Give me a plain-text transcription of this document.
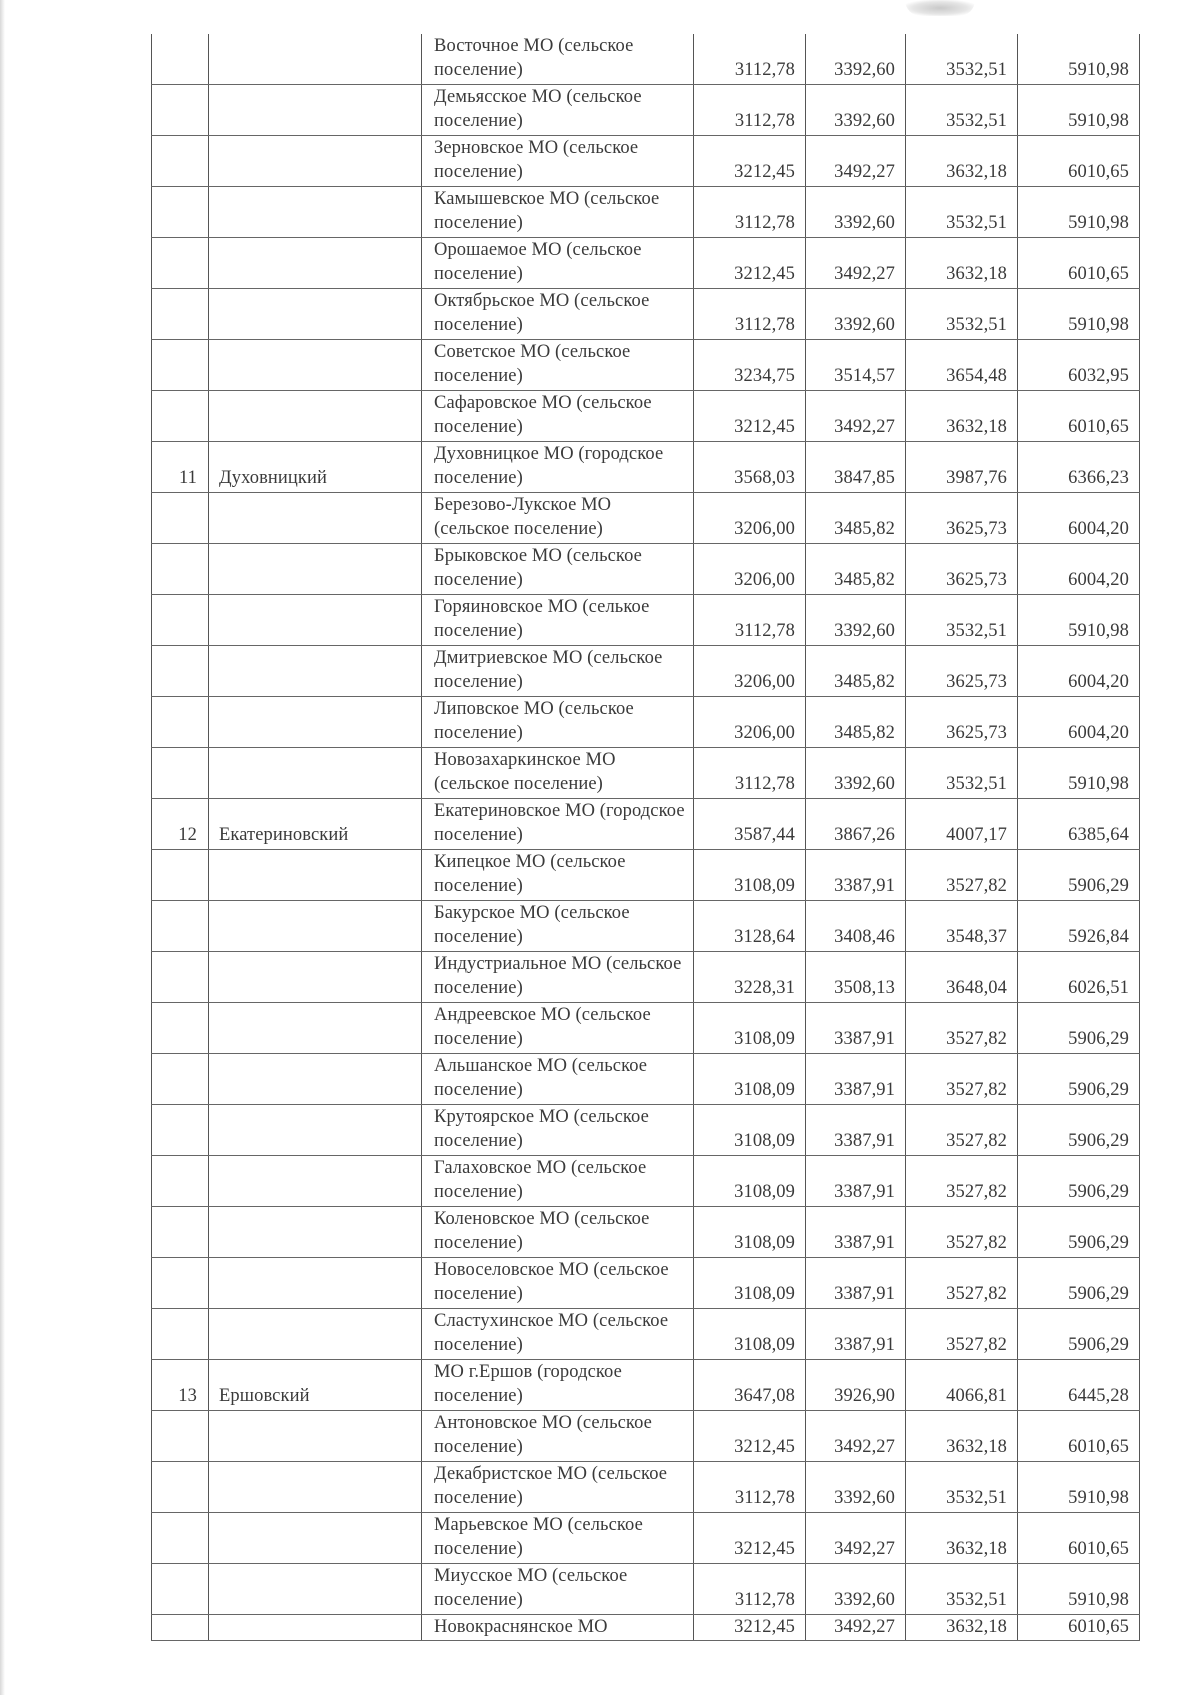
		Восточное МО (сельское поселение)	3112,78	3392,60	3532,51	5910,98
		Демьясское МО (сельское поселение)	3112,78	3392,60	3532,51	5910,98
		Зерновское МО (сельское поселение)	3212,45	3492,27	3632,18	6010,65
		Камышевское МО (сельское поселение)	3112,78	3392,60	3532,51	5910,98
		Орошаемое МО (сельское поселение)	3212,45	3492,27	3632,18	6010,65
		Октябрьское МО (сельское поселение)	3112,78	3392,60	3532,51	5910,98
		Советское МО (сельское поселение)	3234,75	3514,57	3654,48	6032,95
		Сафаровское МО (сельское поселение)	3212,45	3492,27	3632,18	6010,65
11	Духовницкий	Духовницкое МО (городское поселение)	3568,03	3847,85	3987,76	6366,23
		Березово-Лукское МО (сельское поселение)	3206,00	3485,82	3625,73	6004,20
		Брыковское МО (сельское поселение)	3206,00	3485,82	3625,73	6004,20
		Горяиновское МО (селькое поселение)	3112,78	3392,60	3532,51	5910,98
		Дмитриевское МО (сельское поселение)	3206,00	3485,82	3625,73	6004,20
		Липовское МО (сельское поселение)	3206,00	3485,82	3625,73	6004,20
		Новозахаркинское МО (сельское поселение)	3112,78	3392,60	3532,51	5910,98
12	Екатериновский	Екатериновское МО (городское поселение)	3587,44	3867,26	4007,17	6385,64
		Кипецкое МО (сельское поселение)	3108,09	3387,91	3527,82	5906,29
		Бакурское МО (сельское поселение)	3128,64	3408,46	3548,37	5926,84
		Индустриальное МО (сельское поселение)	3228,31	3508,13	3648,04	6026,51
		Андреевское МО (сельское поселение)	3108,09	3387,91	3527,82	5906,29
		Альшанское МО (сельское поселение)	3108,09	3387,91	3527,82	5906,29
		Крутоярское МО (сельское поселение)	3108,09	3387,91	3527,82	5906,29
		Галаховское МО (сельское поселение)	3108,09	3387,91	3527,82	5906,29
		Коленовское МО (сельское поселение)	3108,09	3387,91	3527,82	5906,29
		Новоселовское МО (сельское поселение)	3108,09	3387,91	3527,82	5906,29
		Сластухинское МО (сельское поселение)	3108,09	3387,91	3527,82	5906,29
13	Ершовский	МО г.Ершов (городское поселение)	3647,08	3926,90	4066,81	6445,28
		Антоновское МО (сельское поселение)	3212,45	3492,27	3632,18	6010,65
		Декабристское МО (сельское поселение)	3112,78	3392,60	3532,51	5910,98
		Марьевское МО (сельское поселение)	3212,45	3492,27	3632,18	6010,65
		Миусское МО (сельское поселение)	3112,78	3392,60	3532,51	5910,98
		Новокраснянское МО	3212,45	3492,27	3632,18	6010,65
